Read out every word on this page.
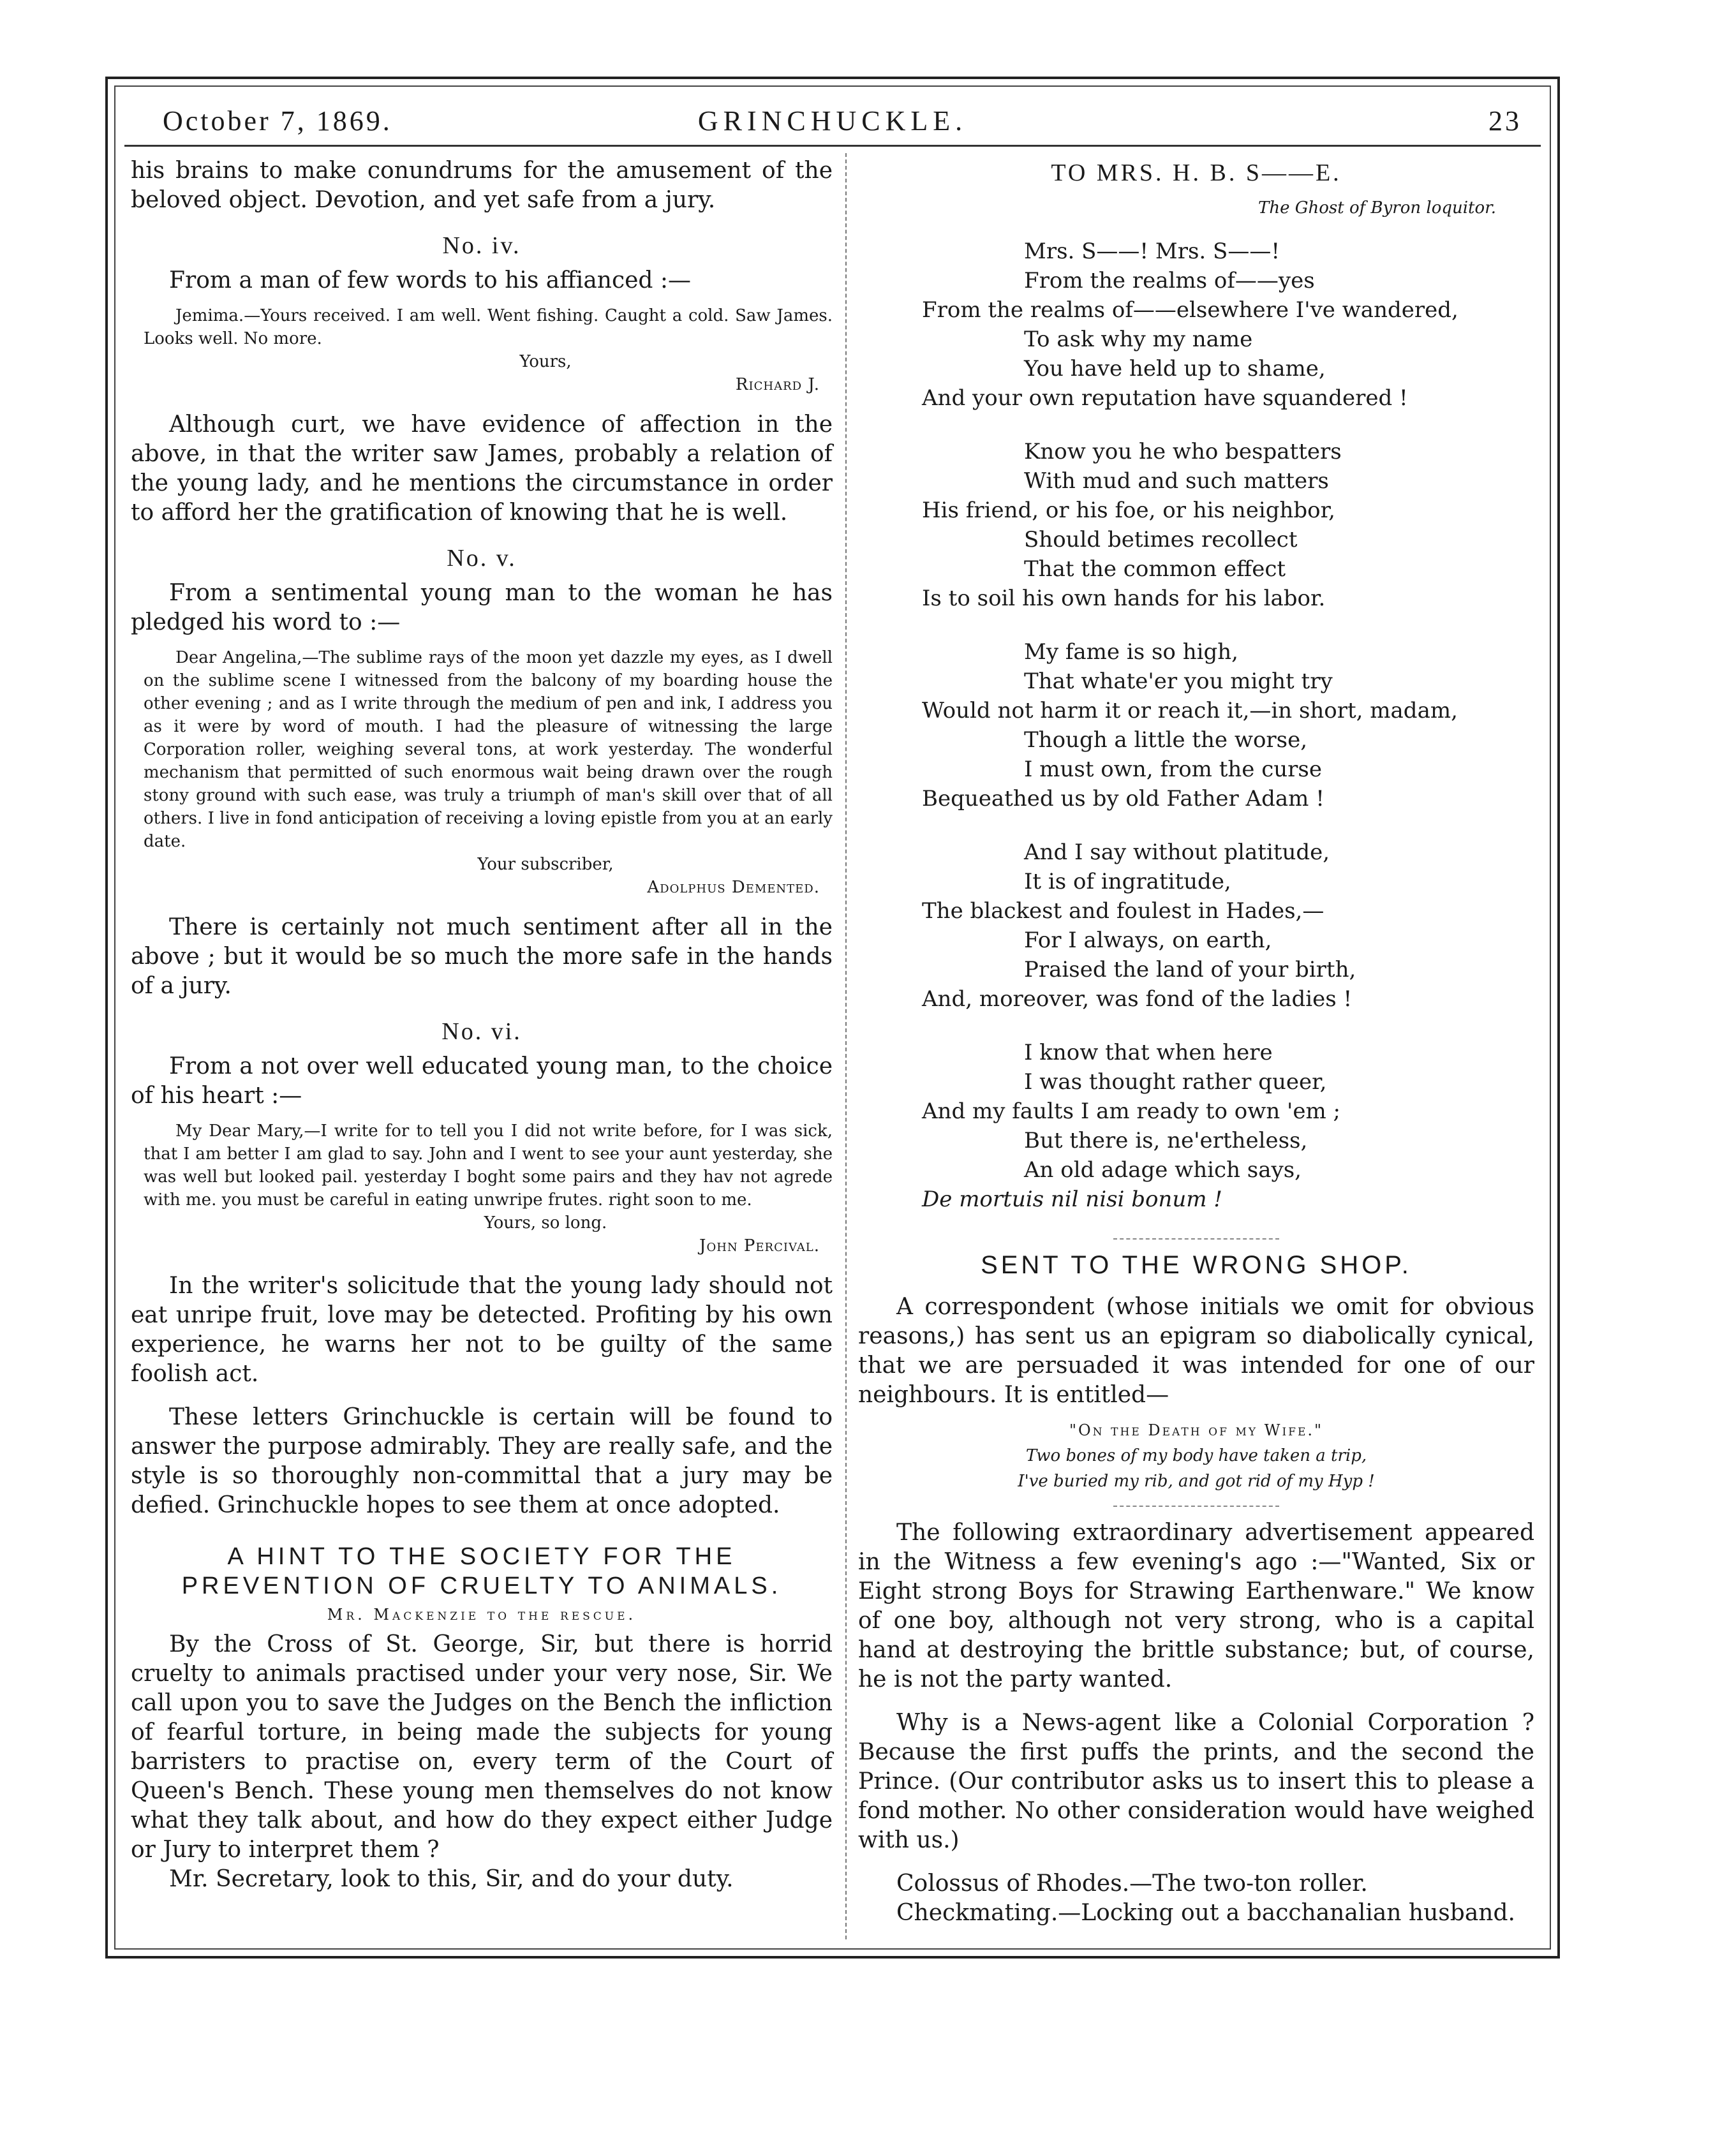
October 7, 1869.	GRINCHUCKLE.	23

his brains to make conundrums for the amusement of the beloved object. Devotion, and yet safe from a jury.

No. iv.

From a man of few words to his affianced :—

Jemima.—Yours received. I am well. Went fishing. Caught a cold. Saw James. Looks well. No more.

Yours,
Richard J.

Although curt, we have evidence of affection in the above, in that the writer saw James, probably a relation of the young lady, and he mentions the circumstance in order to afford her the gratification of knowing that he is well.

No. v.

From a sentimental young man to the woman he has pledged his word to :—

Dear Angelina,—The sublime rays of the moon yet dazzle my eyes, as I dwell on the sublime scene I witnessed from the balcony of my boarding house the other evening ; and as I write through the medium of pen and ink, I address you as it were by word of mouth. I had the pleasure of witnessing the large Corporation roller, weighing several tons, at work yesterday. The wonderful mechanism that permitted of such enormous wait being drawn over the rough stony ground with such ease, was truly a triumph of man's skill over that of all others. I live in fond anticipation of receiving a loving epistle from you at an early date.

Your subscriber,
Adolphus Demented.

There is certainly not much sentiment after all in the above ; but it would be so much the more safe in the hands of a jury.

No. vi.

From a not over well educated young man, to the choice of his heart :—

My Dear Mary,—I write for to tell you I did not write before, for I was sick, that I am better I am glad to say. John and I went to see your aunt yesterday, she was well but looked pail. yesterday I boght some pairs and they hav not agrede with me. you must be careful in eating unwripe frutes. right soon to me.

Yours, so long.
John Percival.

In the writer's solicitude that the young lady should not eat unripe fruit, love may be detected. Profiting by his own experience, he warns her not to be guilty of the same foolish act.

These letters Grinchuckle is certain will be found to answer the purpose admirably. They are really safe, and the style is so thoroughly non-committal that a jury may be defied. Grinchuckle hopes to see them at once adopted.

A HINT TO THE SOCIETY FOR THE PREVENTION OF CRUELTY TO ANIMALS.
Mr. Mackenzie to the rescue.

By the Cross of St. George, Sir, but there is horrid cruelty to animals practised under your very nose, Sir. We call upon you to save the Judges on the Bench the infliction of fearful torture, in being made the subjects for young barristers to practise on, every term of the Court of Queen's Bench. These young men themselves do not know what they talk about, and how do they expect either Judge or Jury to interpret them ?

Mr. Secretary, look to this, Sir, and do your duty.

TO MRS. H. B. S——E.
The Ghost of Byron loquitor.
Mrs. S——! Mrs. S——!
From the realms of——yes
From the realms of——elsewhere I've wandered,
To ask why my name
You have held up to shame,
And your own reputation have squandered !
Know you he who bespatters
With mud and such matters
His friend, or his foe, or his neighbor,
Should betimes recollect
That the common effect
Is to soil his own hands for his labor.
My fame is so high,
That whate'er you might try
Would not harm it or reach it,—in short, madam,
Though a little the worse,
I must own, from the curse
Bequeathed us by old Father Adam !
And I say without platitude,
It is of ingratitude,
The blackest and foulest in Hades,—
For I always, on earth,
Praised the land of your birth,
And, moreover, was fond of the ladies !
I know that when here
I was thought rather queer,
And my faults I am ready to own 'em ;
But there is, ne'ertheless,
An old adage which says,
De mortuis nil nisi bonum !
SENT TO THE WRONG SHOP.

A correspondent (whose initials we omit for obvious reasons,) has sent us an epigram so diabolically cynical, that we are persuaded it was intended for one of our neighbours. It is entitled—

"On the Death of my Wife."
Two bones of my body have taken a trip,
I've buried my rib, and got rid of my Hyp !

The following extraordinary advertisement appeared in the Witness a few evening's ago :—"Wanted, Six or Eight strong Boys for Strawing Earthenware." We know of one boy, although not very strong, who is a capital hand at destroying the brittle substance; but, of course, he is not the party wanted.

Why is a News-agent like a Colonial Corporation ? Because the first puffs the prints, and the second the Prince. (Our contributor asks us to insert this to please a fond mother. No other consideration would have weighed with us.)

Colossus of Rhodes.—The two-ton roller.

Checkmating.—Locking out a bacchanalian husband.
